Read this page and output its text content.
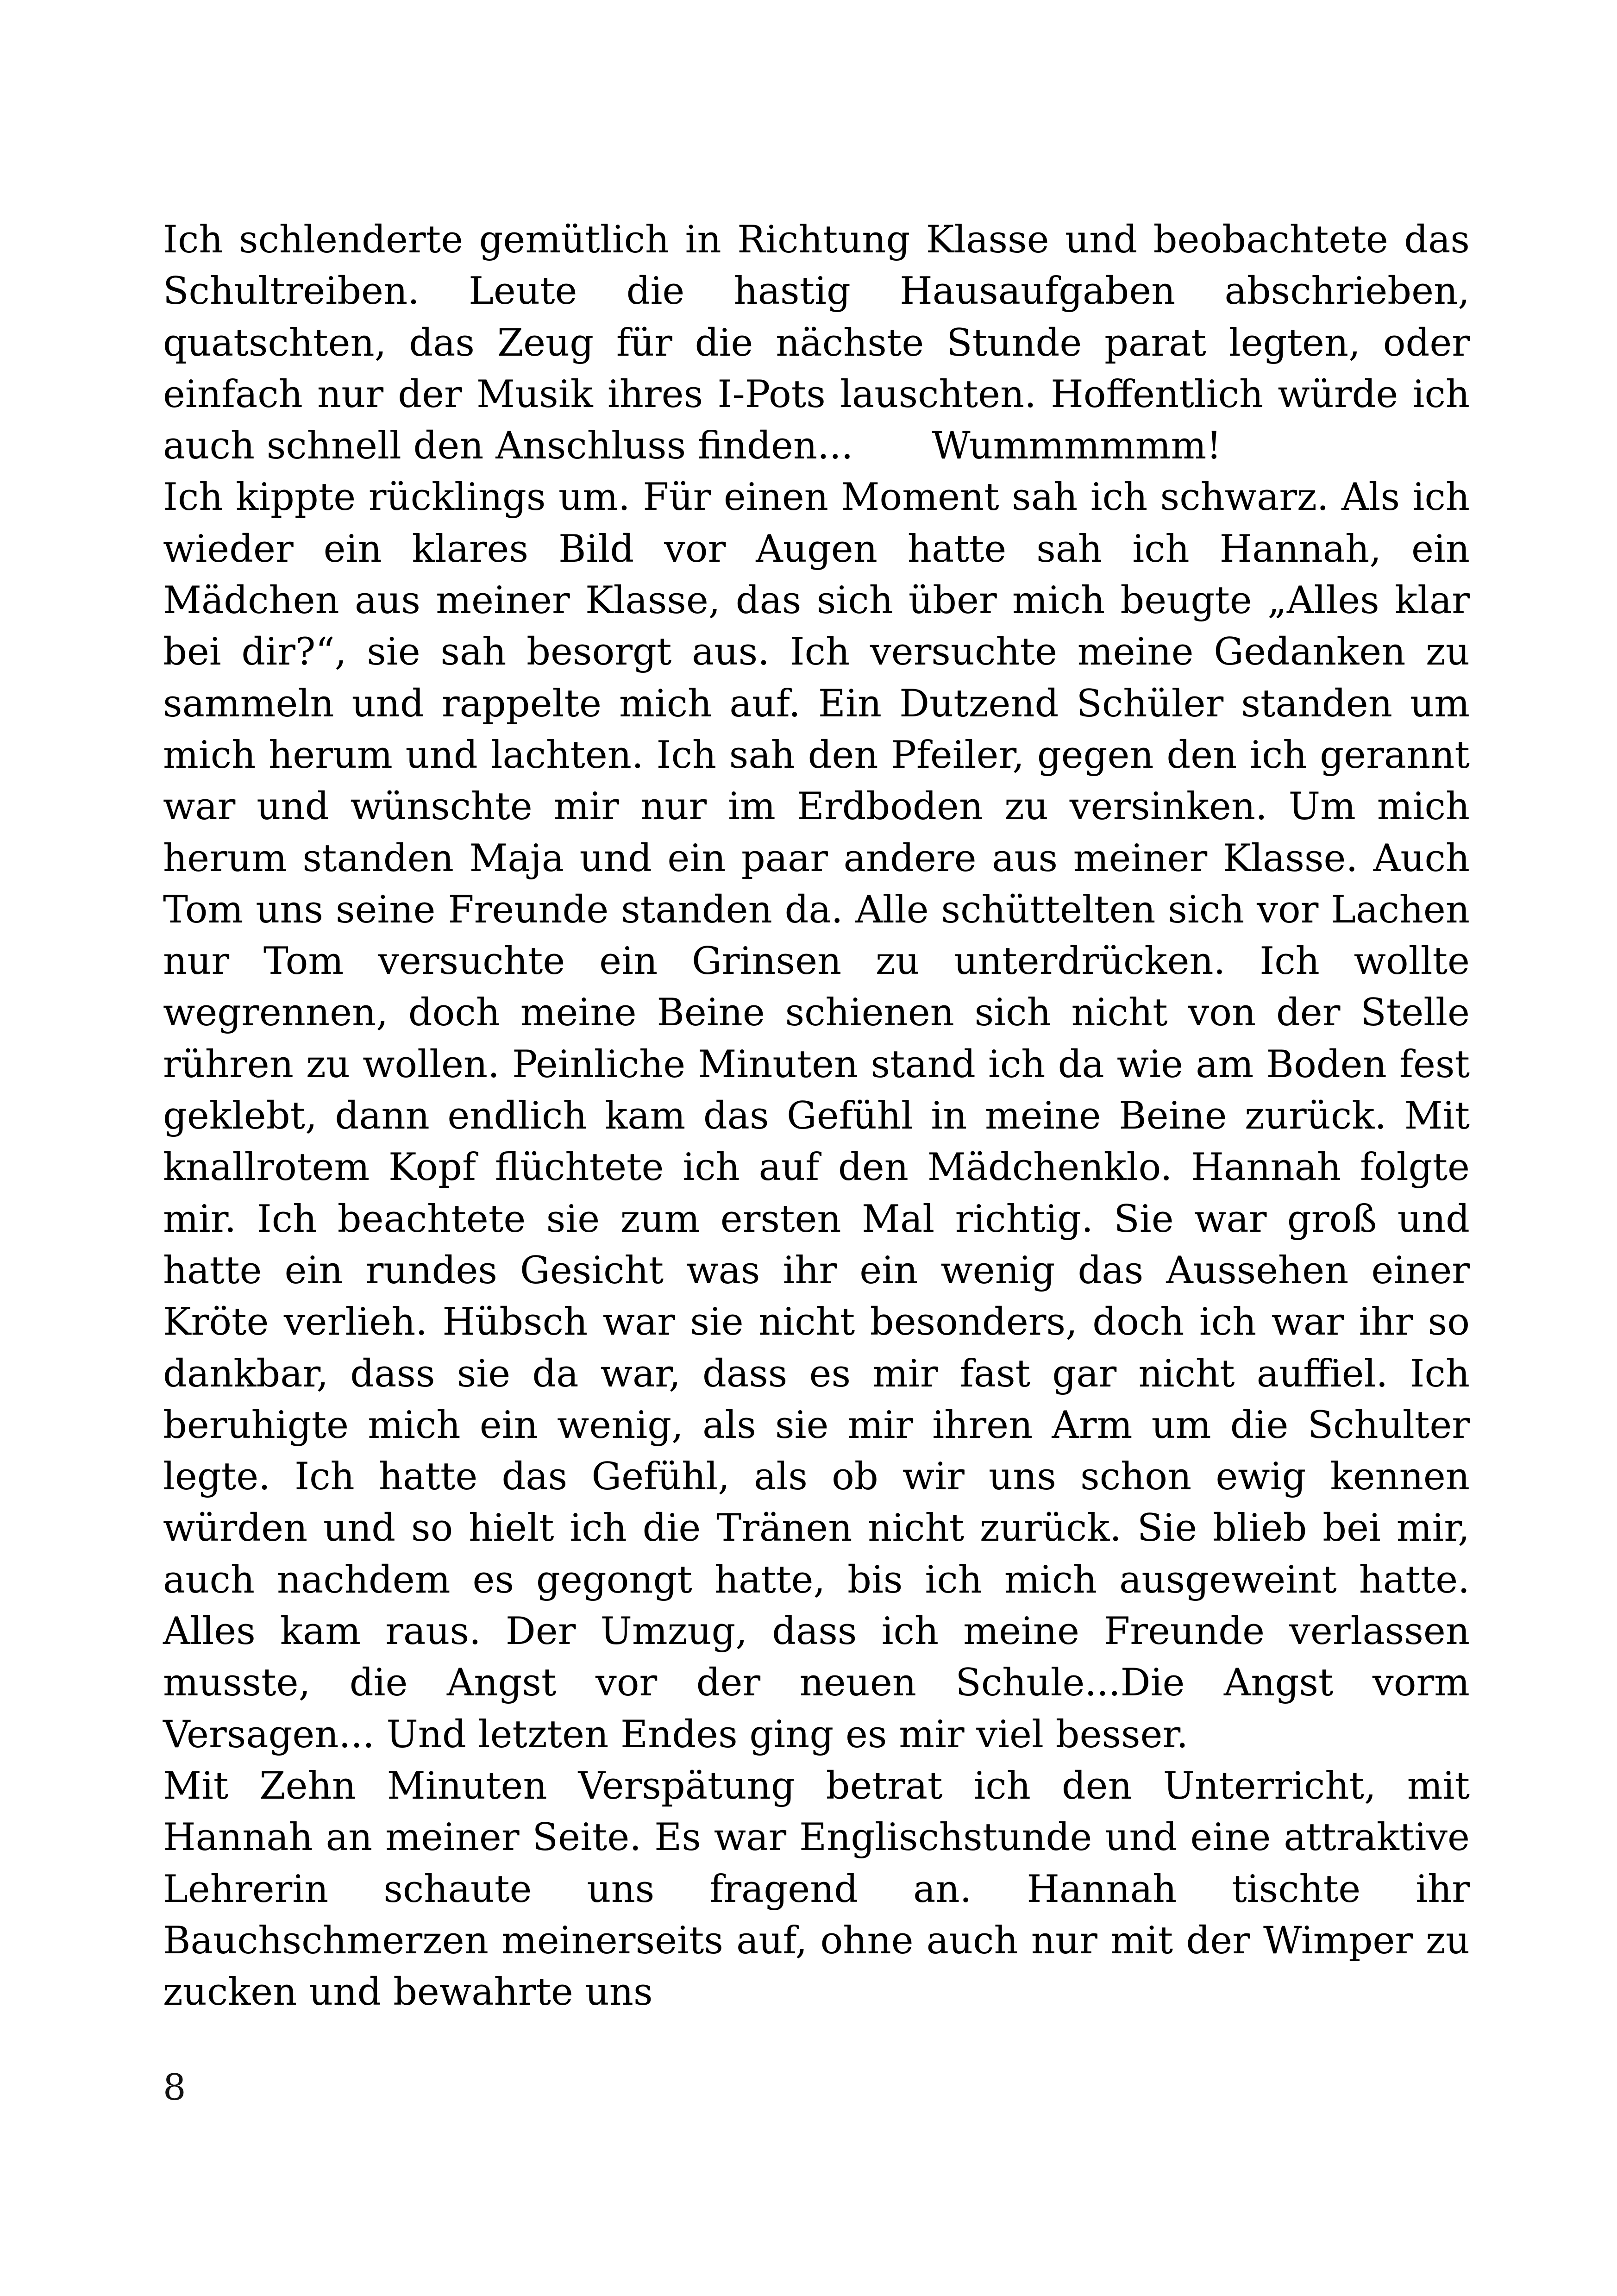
Ich schlenderte gemütlich in Richtung Klasse und beobachtete das Schultreiben. Leute die hastig Hausaufgaben abschrieben, quatschten, das Zeug für die nächste Stunde parat legten, oder einfach nur der Musik ihres I-Pots lauschten. Hoffentlich würde ich auch schnell den Anschluss finden... Wummmmmm!

Ich kippte rücklings um. Für einen Moment sah ich schwarz. Als ich wieder ein klares Bild vor Augen hatte sah ich Hannah, ein Mädchen aus meiner Klasse, das sich über mich beugte „Alles klar bei dir?“, sie sah besorgt aus. Ich versuchte meine Gedanken zu sammeln und rappelte mich auf. Ein Dutzend Schüler standen um mich herum und lachten. Ich sah den Pfeiler, gegen den ich gerannt war und wünschte mir nur im Erdboden zu versinken. Um mich herum standen Maja und ein paar andere aus meiner Klasse. Auch Tom uns seine Freunde standen da. Alle schüttelten sich vor Lachen nur Tom versuchte ein Grinsen zu unterdrücken. Ich wollte wegrennen, doch meine Beine schienen sich nicht von der Stelle rühren zu wollen. Peinliche Minuten stand ich da wie am Boden fest geklebt, dann endlich kam das Gefühl in meine Beine zurück. Mit knallrotem Kopf flüchtete ich auf den Mädchenklo. Hannah folgte mir. Ich beachtete sie zum ersten Mal richtig. Sie war groß und hatte ein rundes Gesicht was ihr ein wenig das Aussehen einer Kröte verlieh. Hübsch war sie nicht besonders, doch ich war ihr so dankbar, dass sie da war, dass es mir fast gar nicht auffiel. Ich beruhigte mich ein wenig, als sie mir ihren Arm um die Schulter legte. Ich hatte das Gefühl, als ob wir uns schon ewig kennen würden und so hielt ich die Tränen nicht zurück. Sie blieb bei mir, auch nachdem es gegongt hatte, bis ich mich ausgeweint hatte. Alles kam raus. Der Umzug, dass ich meine Freunde verlassen musste, die Angst vor der neuen Schule...Die Angst vorm Versagen... Und letzten Endes ging es mir viel besser.

Mit Zehn Minuten Verspätung betrat ich den Unterricht, mit Hannah an meiner Seite. Es war Englischstunde und eine attraktive Lehrerin schaute uns fragend an. Hannah tischte ihr Bauchschmerzen meinerseits auf, ohne auch nur mit der Wimper zu zucken und bewahrte uns

8
